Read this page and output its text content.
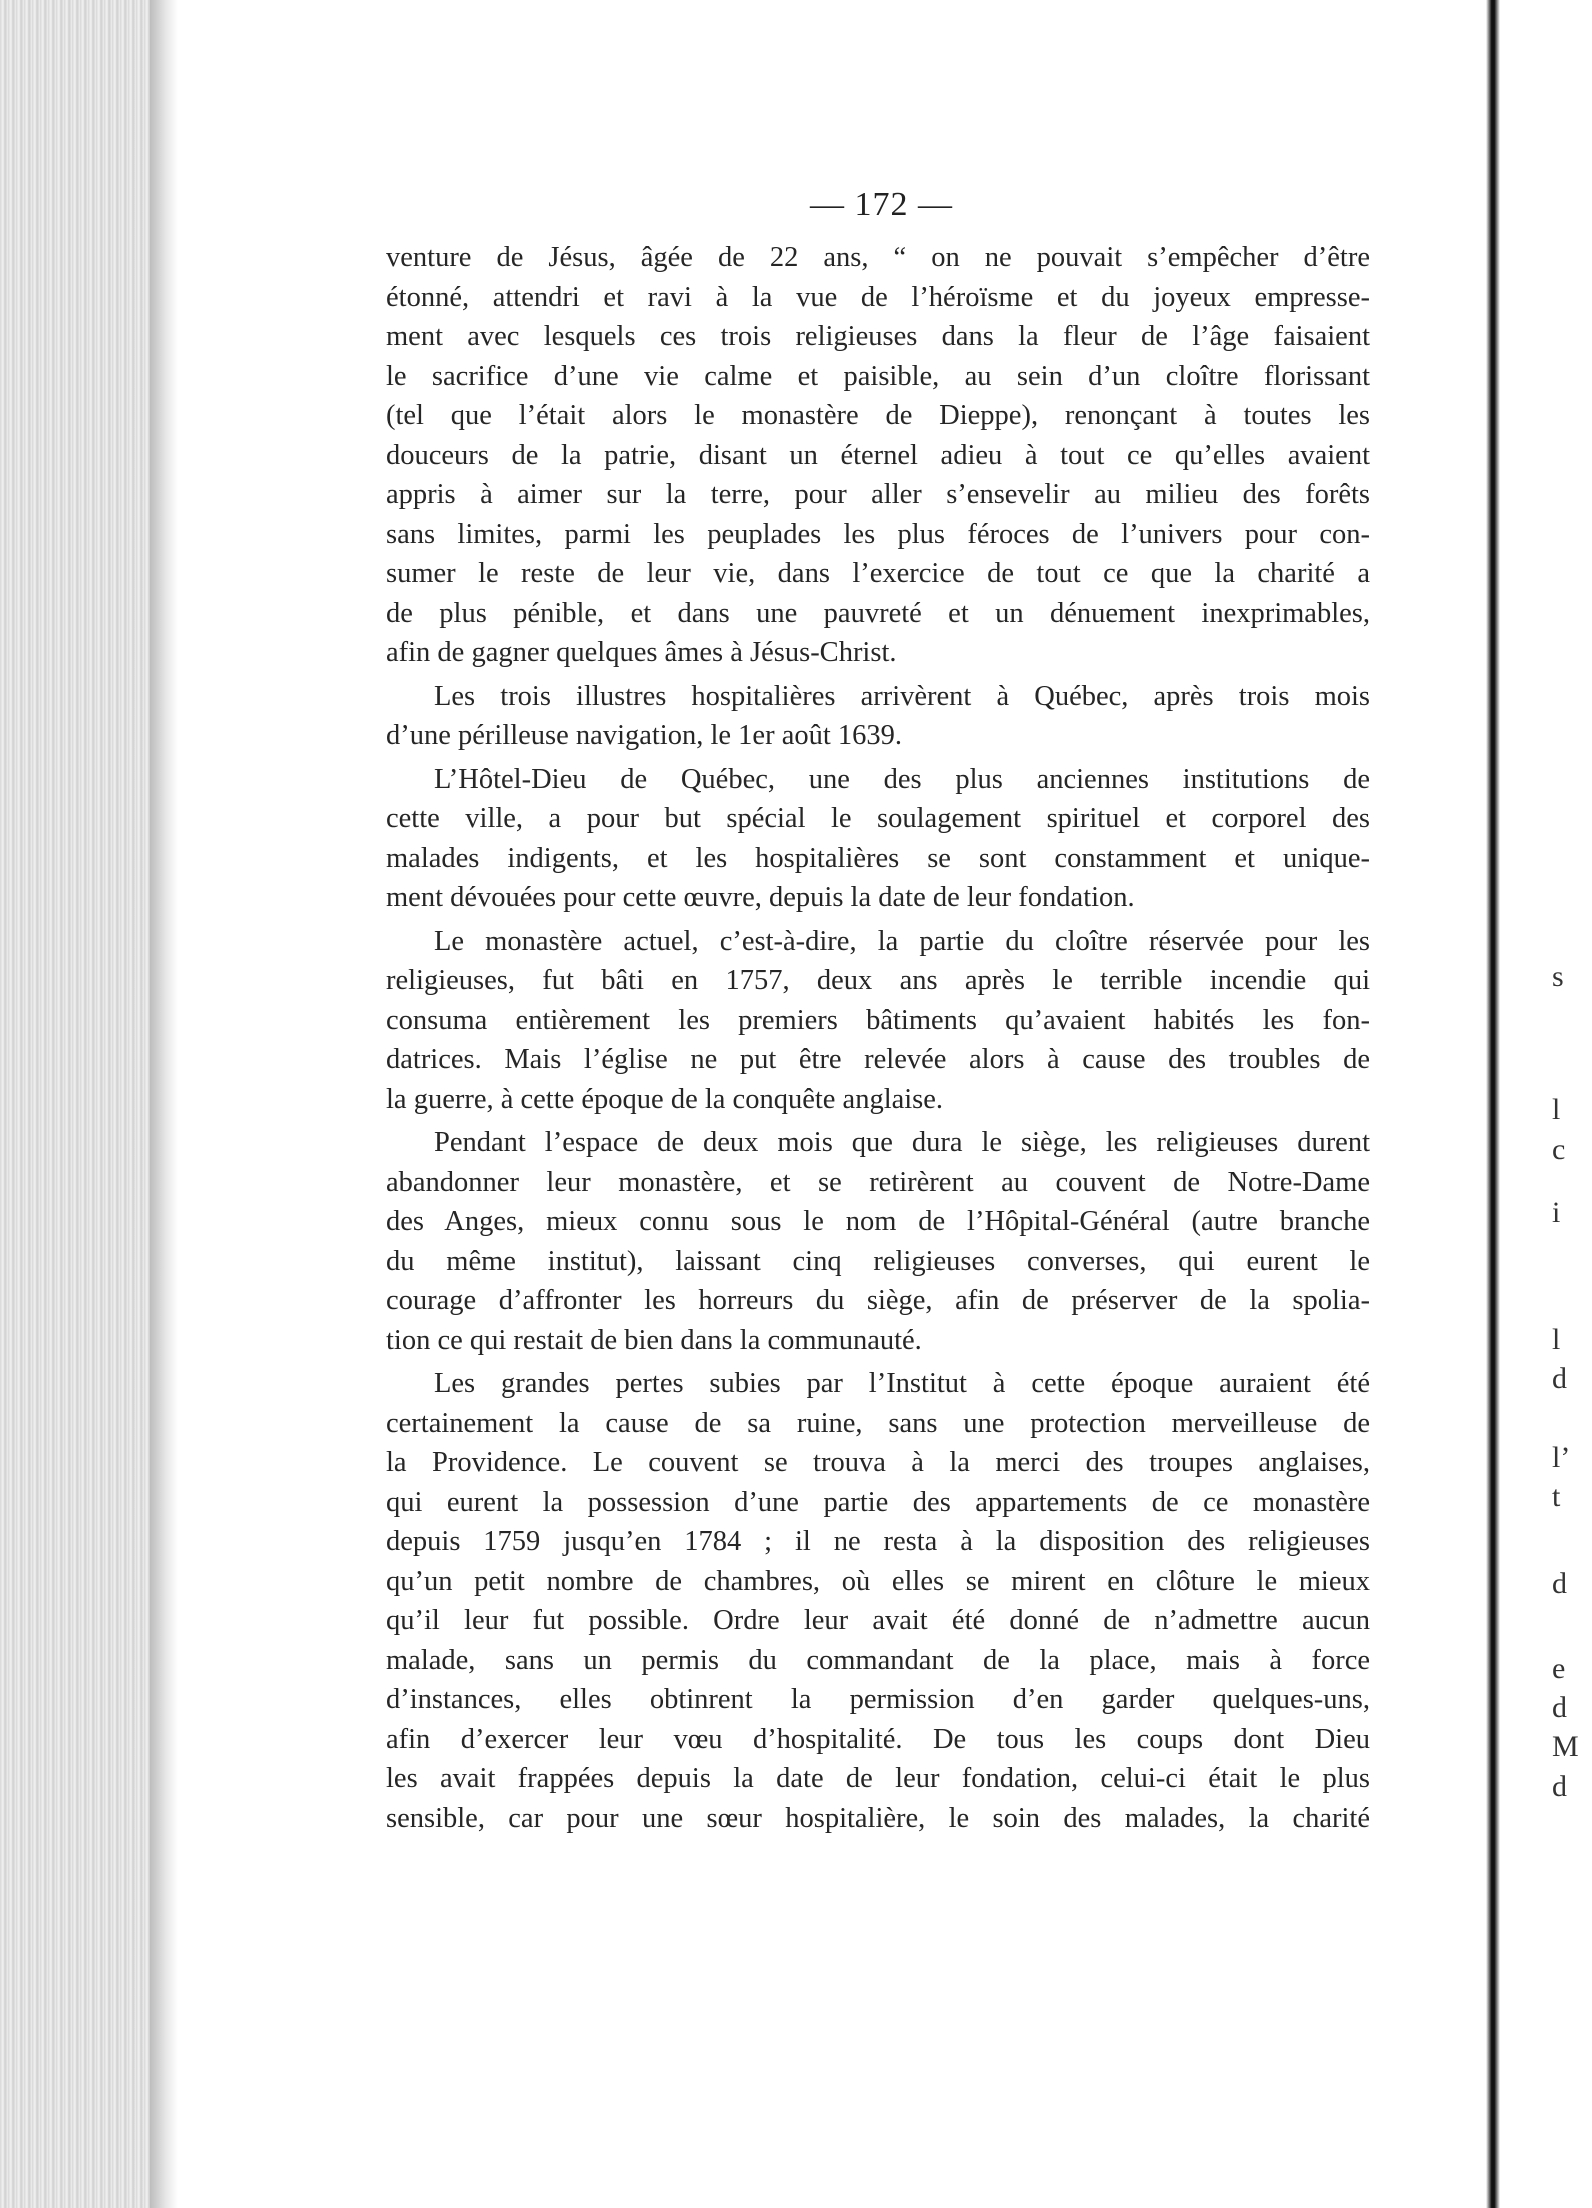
s
l
c
i
l
d
l’
t
d
e
d
M
d
— 172 —

venture de Jésus, âgée de 22 ans, “ on ne pouvait s’empêcher d’être

étonné, attendri et ravi à la vue de l’héroïsme et du joyeux empresse-

ment avec lesquels ces trois religieuses dans la fleur de l’âge faisaient

le sacrifice d’une vie calme et paisible, au sein d’un cloître florissant

(tel que l’était alors le monastère de Dieppe), renonçant à toutes les

douceurs de la patrie, disant un éternel adieu à tout ce qu’elles avaient

appris à aimer sur la terre, pour aller s’ensevelir au milieu des forêts

sans limites, parmi les peuplades les plus féroces de l’univers pour con-

sumer le reste de leur vie, dans l’exercice de tout ce que la charité a

de plus pénible, et dans une pauvreté et un dénuement inexprimables,

afin de gagner quelques âmes à Jésus-Christ.

Les trois illustres hospitalières arrivèrent à Québec, après trois mois

d’une périlleuse navigation, le 1er août 1639.

L’Hôtel-Dieu de Québec, une des plus anciennes institutions de

cette ville, a pour but spécial le soulagement spirituel et corporel des

malades indigents, et les hospitalières se sont constamment et unique-

ment dévouées pour cette œuvre, depuis la date de leur fondation.

Le monastère actuel, c’est-à-dire, la partie du cloître réservée pour les

religieuses, fut bâti en 1757, deux ans après le terrible incendie qui

consuma entièrement les premiers bâtiments qu’avaient habités les fon-

datrices. Mais l’église ne put être relevée alors à cause des troubles de

la guerre, à cette époque de la conquête anglaise.

Pendant l’espace de deux mois que dura le siège, les religieuses durent

abandonner leur monastère, et se retirèrent au couvent de Notre-Dame

des Anges, mieux connu sous le nom de l’Hôpital-Général (autre branche

du même institut), laissant cinq religieuses converses, qui eurent le

courage d’affronter les horreurs du siège, afin de préserver de la spolia-

tion ce qui restait de bien dans la communauté.

Les grandes pertes subies par l’Institut à cette époque auraient été

certainement la cause de sa ruine, sans une protection merveilleuse de

la Providence. Le couvent se trouva à la merci des troupes anglaises,

qui eurent la possession d’une partie des appartements de ce monastère

depuis 1759 jusqu’en 1784 ; il ne resta à la disposition des religieuses

qu’un petit nombre de chambres, où elles se mirent en clôture le mieux

qu’il leur fut possible. Ordre leur avait été donné de n’admettre aucun

malade, sans un permis du commandant de la place, mais à force

d’instances, elles obtinrent la permission d’en garder quelques-uns,

afin d’exercer leur vœu d’hospitalité. De tous les coups dont Dieu

les avait frappées depuis la date de leur fondation, celui-ci était le plus

sensible, car pour une sœur hospitalière, le soin des malades, la charité
